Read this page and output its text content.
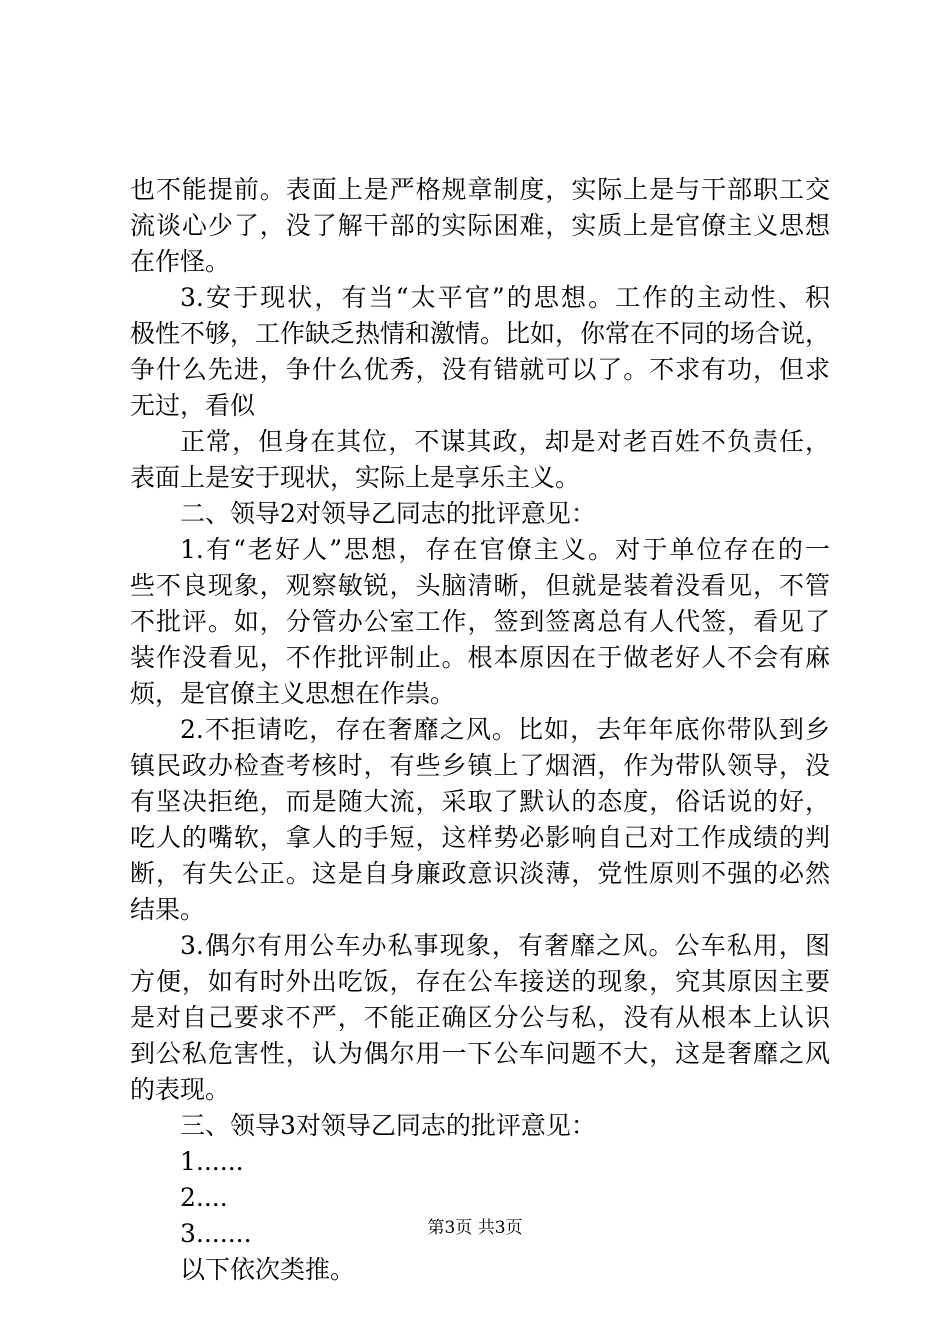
也不能提前。表面上是严格规章制度，实际上是与干部职工交
流谈心少了，没了解干部的实际困难，实质上是官僚主义思想
在作怪。
3.安于现状，有当“太平官”的思想。工作的主动性、积
极性不够，工作缺乏热情和激情。比如，你常在不同的场合说，
争什么先进，争什么优秀，没有错就可以了。不求有功，但求
无过，看似
正常，但身在其位，不谋其政，却是对老百姓不负责任，
表面上是安于现状，实际上是享乐主义。
二、领导2对领导乙同志的批评意见：
1.有“老好人”思想，存在官僚主义。对于单位存在的一
些不良现象，观察敏锐，头脑清晰，但就是装着没看见，不管
不批评。如，分管办公室工作，签到签离总有人代签，看见了
装作没看见，不作批评制止。根本原因在于做老好人不会有麻
烦，是官僚主义思想在作祟。
2.不拒请吃，存在奢靡之风。比如，去年年底你带队到乡
镇民政办检查考核时，有些乡镇上了烟酒，作为带队领导，没
有坚决拒绝，而是随大流，采取了默认的态度，俗话说的好，
吃人的嘴软，拿人的手短，这样势必影响自己对工作成绩的判
断，有失公正。这是自身廉政意识淡薄，党性原则不强的必然
结果。
3.偶尔有用公车办私事现象，有奢靡之风。公车私用，图
方便，如有时外出吃饭，存在公车接送的现象，究其原因主要
是对自己要求不严，不能正确区分公与私，没有从根本上认识
到公私危害性，认为偶尔用一下公车问题不大，这是奢靡之风
的表现。
三、领导3对领导乙同志的批评意见：
1......
2....
3.......
以下依次类推。
第3页 共3页
